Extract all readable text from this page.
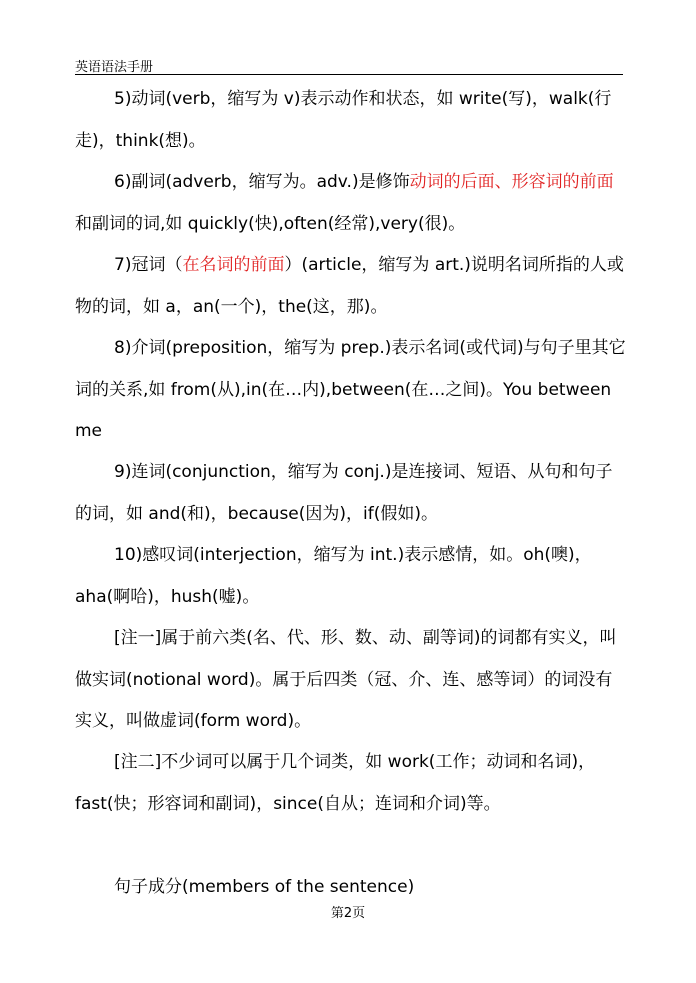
英语语法手册

5)动词(verb，缩写为 v)表示动作和状态，如 write(写)，walk(行走)，think(想)。

6)副词(adverb，缩写为。adv.)是修饰动词的后面、形容词的前面和副词的词,如 quickly(快),often(经常),very(很)。

7)冠词（在名词的前面）(article，缩写为 art.)说明名词所指的人或物的词，如 a，an(一个)，the(这，那)。

8)介词(preposition，缩写为 prep.)表示名词(或代词)与句子里其它词的关系,如 from(从),in(在…内),between(在…之间)。You between me

9)连词(conjunction，缩写为 conj.)是连接词、短语、从句和句子的词，如 and(和)，because(因为)，if(假如)。

10)感叹词(interjection，缩写为 int.)表示感情，如。oh(噢)，aha(啊哈)，hush(嘘)。

[注一]属于前六类(名、代、形、数、动、副等词)的词都有实义，叫做实词(notional word)。属于后四类（冠、介、连、感等词）的词没有实义，叫做虚词(form word)。

[注二]不少词可以属于几个词类，如 work(工作；动词和名词)，fast(快；形容词和副词)，since(自从；连词和介词)等。

句子成分(members of the sentence)

第2页
